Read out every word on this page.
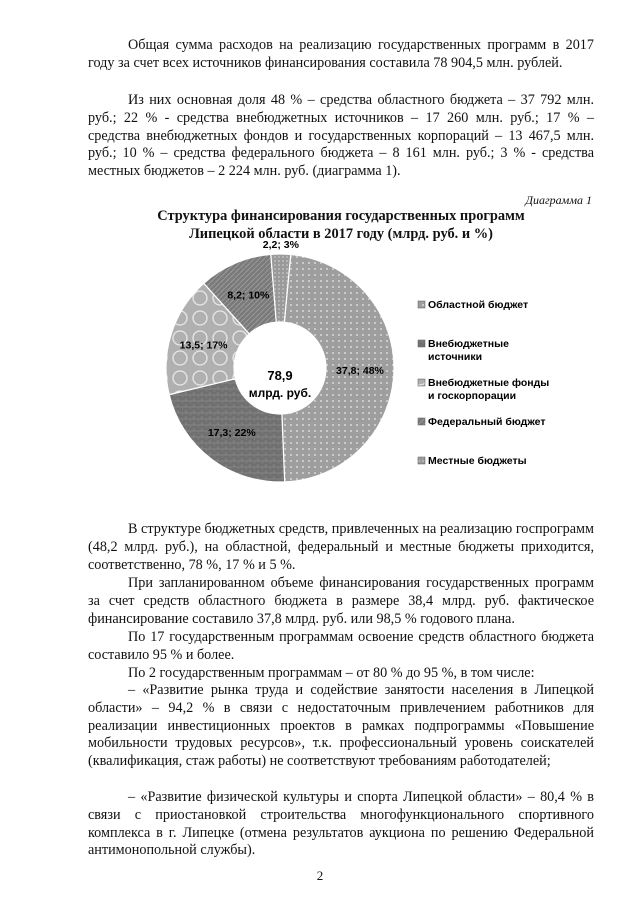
Общая сумма расходов на реализацию государственных программ в 2017 году за счет всех источников финансирования составила 78 904,5 млн. рублей.

Из них основная доля 48 % – средства областного бюджета – 37 792 млн. руб.; 22 % - средства внебюджетных источников – 17 260 млн. руб.; 17 % – средства внебюджетных фондов и государственных корпораций – 13 467,5 млн. руб.; 10 % – средства федерального бюджета – 8 161 млн. руб.; 3 % - средства местных бюджетов – 2 224 млн. руб. (диаграмма 1).

Диаграмма 1
Структура финансирования государственных программ
Липецкой области в 2017 году (млрд. руб. и %)
37,8; 48%
17,3; 22%
13,5; 17%
8,2; 10%
2,2; 3%
78,9
млрд. руб.
Областной бюджет
Внебюджетные
источники
Внебюджетные фонды
и госкорпорации
Федеральный бюджет
Местные бюджеты

В структуре бюджетных средств, привлеченных на реализацию госпрограмм (48,2 млрд. руб.), на областной, федеральный и местные бюджеты приходится, соответственно, 78 %, 17 % и 5 %.

При запланированном объеме финансирования государственных программ за счет средств областного бюджета в размере 38,4 млрд. руб. фактическое финансирование составило 37,8 млрд. руб. или 98,5 % годового плана.

По 17 государственным программам освоение средств областного бюджета составило 95 % и более.

По 2 государственным программам – от 80 % до 95 %, в том числе:

– «Развитие рынка труда и содействие занятости населения в Липецкой области» – 94,2 % в связи с недостаточным привлечением работников для реализации инвестиционных проектов в рамках подпрограммы «Повышение мобильности трудовых ресурсов», т.к. профессиональный уровень соискателей (квалификация, стаж работы) не соответствуют требованиям работодателей;

– «Развитие физической культуры и спорта Липецкой области» – 80,4 % в связи с приостановкой строительства многофункционального спортивного комплекса в г. Липецке (отмена результатов аукциона по решению Федеральной антимонопольной службы).

2
